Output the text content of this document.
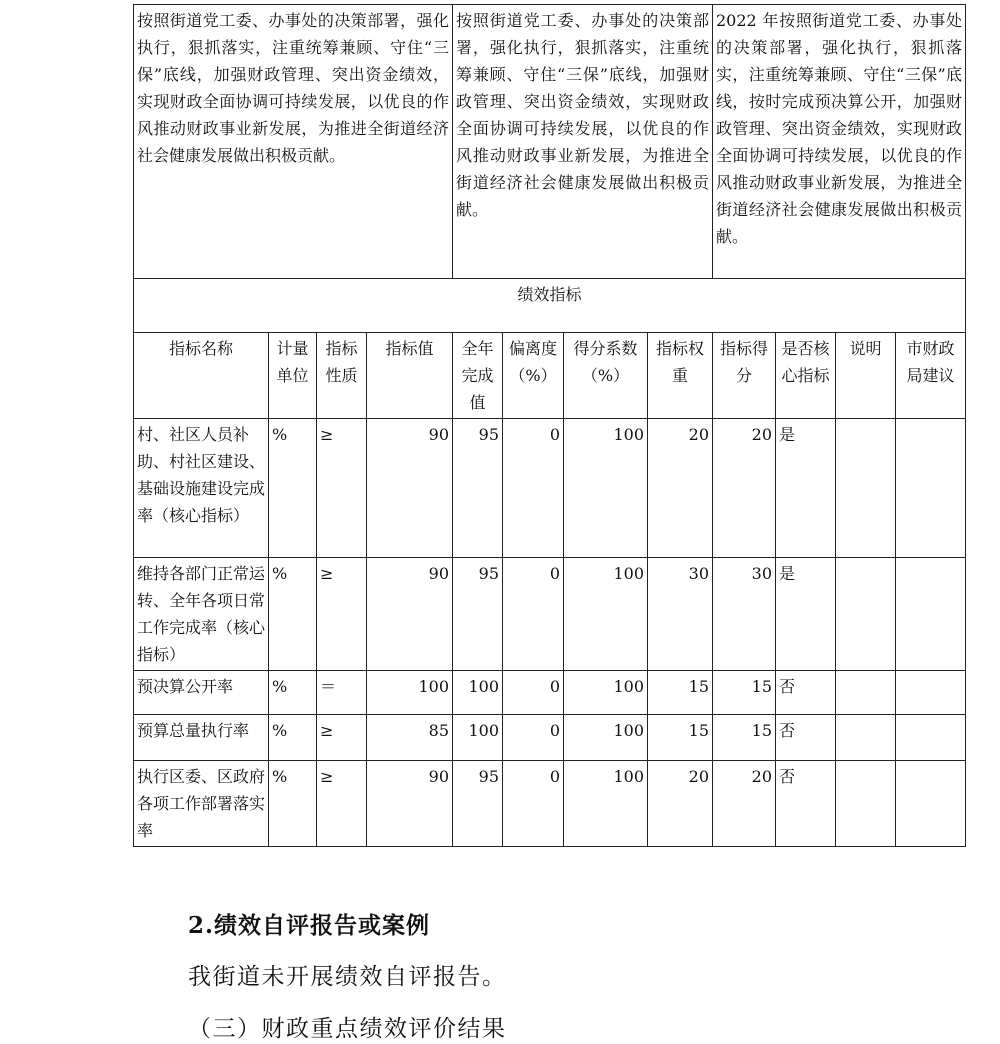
按照街道党工委、办事处的决策部署，强化执行，狠抓落实，注重统筹兼顾、守住“三保”底线，加强财政管理、突出资金绩效，实现财政全面协调可持续发展，以优良的作风推动财政事业新发展，为推进全街道经济社会健康发展做出积极贡献。				按照街道党工委、办事处的决策部署，强化执行，狠抓落实，注重统筹兼顾、守住“三保”底线，加强财政管理、突出资金绩效，实现财政全面协调可持续发展，以优良的作风推动财政事业新发展，为推进全街道经济社会健康发展做出积极贡献。				2022 年按照街道党工委、办事处的决策部署，强化执行，狠抓落实，注重统筹兼顾、守住“三保”底线，按时完成预决算公开，加强财政管理、突出资金绩效，实现财政全面协调可持续发展，以优良的作风推动财政事业新发展，为推进全街道经济社会健康发展做出积极贡献。			
绩效指标											
指标名称	计量单位	指标性质	指标值	全年完成值	偏离度（%）	得分系数（%）	指标权重	指标得分	是否核心指标	说明	市财政局建议
村、社区人员补助、村社区建设、基础设施建设完成率（核心指标）	%	≥	90	95	0	100	20	20	是		
维持各部门正常运转、全年各项日常工作完成率（核心指标）	%	≥	90	95	0	100	30	30	是		
预决算公开率	%	＝	100	100	0	100	15	15	否		
预算总量执行率	%	≥	85	100	0	100	15	15	否		
执行区委、区政府各项工作部署落实率	%	≥	90	95	0	100	20	20	否		
2.绩效自评报告或案例
我街道未开展绩效自评报告。
（三）财政重点绩效评价结果
